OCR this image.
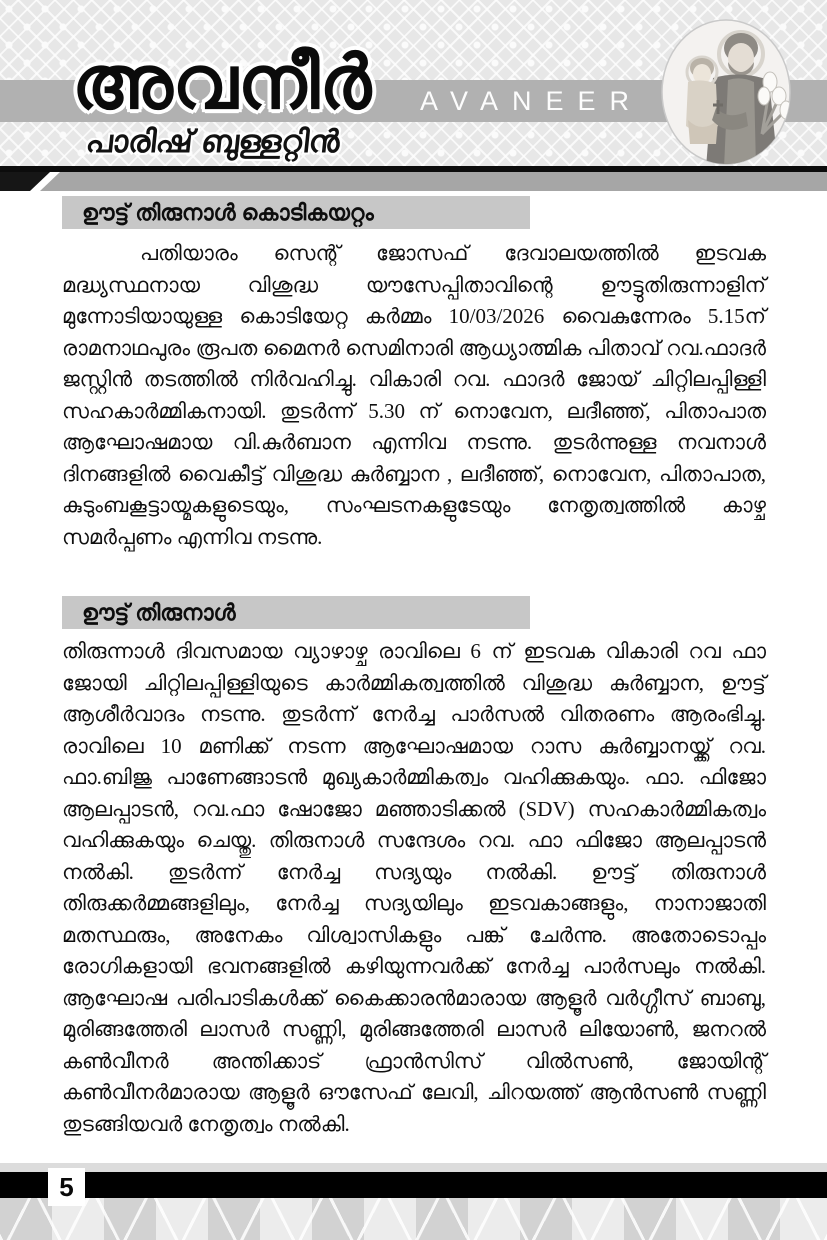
അവനീർ AVANEER
പാരിഷ് ബുള്ളറ്റിൻ
ഊട്ട് തിരുനാൾ കൊടികയറ്റം
പതിയാരം സെന്റ് ജോസഫ് ദേവാലയത്തിൽ ഇടവക മദ്ധ്യസ്ഥനായ വിശുദ്ധ യൗസേപ്പിതാവിന്റെ ഊട്ടുതിരുന്നാളിന് മുന്നോടിയായുള്ള കൊടിയേറ്റ കർമ്മം 10/03/2026 വൈകുന്നേരം 5.15ന് രാമനാഥപുരം രൂപത മൈനർ സെമിനാരി ആധ്യാത്മിക പിതാവ് റവ.ഫാദർ ജസ്റ്റിൻ തടത്തിൽ നിർവഹിച്ചു. വികാരി റവ. ഫാദർ ജോയ് ചിറ്റിലപ്പിള്ളി സഹകാർമ്മികനായി. തുടർന്ന് 5.30 ന് നൊവേന, ലദീഞ്ഞ്, പിതാപാത ആഘോഷമായ വി.കുർബാന എന്നിവ നടന്നു. തുടർന്നുള്ള നവനാൾ ദിനങ്ങളിൽ വൈകീട്ട് വിശുദ്ധ കുർബ്ബാന , ലദീഞ്ഞ്, നൊവേന, പിതാപാത, കുടുംബകൂട്ടായ്മകളുടെയും, സംഘടനകളുടേയും നേതൃത്വത്തിൽ കാഴ്ച സമർപ്പണം എന്നിവ നടന്നു.
ഊട്ട് തിരുനാൾ
തിരുന്നാൾ ദിവസമായ വ്യാഴാഴ്ച രാവിലെ 6 ന് ഇടവക വികാരി റവ ഫാ ജോയി ചിറ്റിലപ്പിള്ളിയുടെ കാർമ്മികത്വത്തിൽ വിശുദ്ധ കുർബ്ബാന, ഊട്ട് ആശീർവാദം നടന്നു. തുടർന്ന് നേർച്ച പാർസൽ വിതരണം ആരംഭിച്ചു. രാവിലെ 10 മണിക്ക് നടന്ന ആഘോഷമായ റാസ കുർബ്ബാനയ്ക്ക് റവ. ഫാ.ബിജു പാണേങ്ങാടൻ മുഖ്യകാർമ്മികത്വം വഹിക്കുകയും. ഫാ. ഫിജോ ആലപ്പാടൻ, റവ.ഫാ ഷോജോ മഞ്ഞാടിക്കൽ (SDV) സഹകാർമ്മികത്വം വഹിക്കുകയും ചെയ്തു. തിരുനാൾ സന്ദേശം റവ. ഫാ ഫിജോ ആലപ്പാടൻ നൽകി. തുടർന്ന് നേർച്ച സദ്യയും നൽകി. ഊട്ട് തിരുനാൾ തിരുക്കർമ്മങ്ങളിലും, നേർച്ച സദ്യയിലും ഇടവകാങ്ങളും, നാനാജാതി മതസ്ഥരും, അനേകം വിശ്വാസികളും പങ്ക് ചേർന്നു. അതോടൊപ്പം രോഗികളായി ഭവനങ്ങളിൽ കഴിയുന്നവർക്ക് നേർച്ച പാർസലും നൽകി. ആഘോഷ പരിപാടികൾക്ക് കൈക്കാരൻമാരായ ആളൂർ വർഗ്ഗീസ് ബാബു, മുരിങ്ങത്തേരി ലാസർ സണ്ണി, മുരിങ്ങത്തേരി ലാസർ ലിയോൺ, ജനറൽ കൺവീനർ അന്തിക്കാട് ഫ്രാൻസിസ് വിൽസൺ, ജോയിന്റ് കൺവീനർമാരായ ആളൂർ ഔസേഫ് ലേവി, ചിറയത്ത് ആൻസൺ സണ്ണി തുടങ്ങിയവർ നേതൃത്വം നൽകി.
5
